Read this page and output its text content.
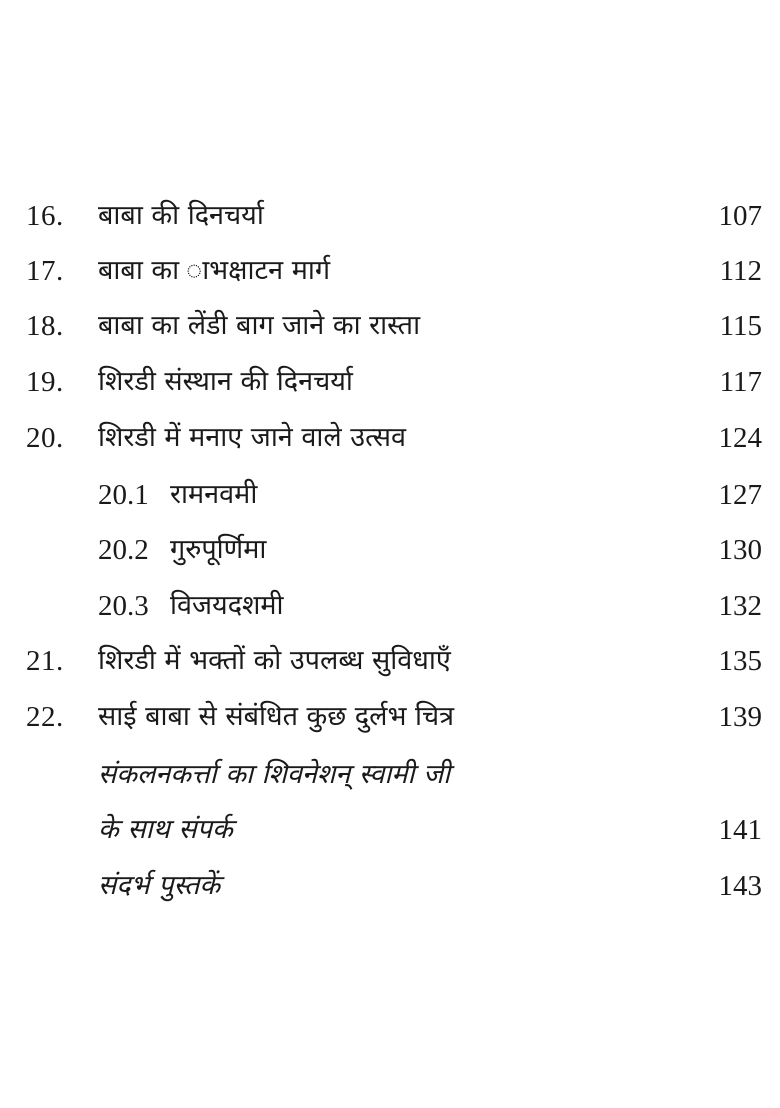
16. बाबा की दिनचर्या	107
17. बाबा का ाभक्षाटन मार्ग	112
18. बाबा का लेंडी बाग जाने का रास्ता	115
19. शिरडी संस्थान की दिनचर्या	117
20. शिरडी में मनाए जाने वाले उत्सव	124
20.1 रामनवमी	127
20.2 गुरुपूर्णिमा	130
20.3 विजयदशमी	132
21. शिरडी में भक्तों को उपलब्ध सुविधाएँ	135
22. साई बाबा से संबंधित कुछ दुर्लभ चित्र	139
संकलनकर्त्ता का शिवनेशन् स्वामी जी
के साथ संपर्क	141
संदर्भ पुस्तकें	143
